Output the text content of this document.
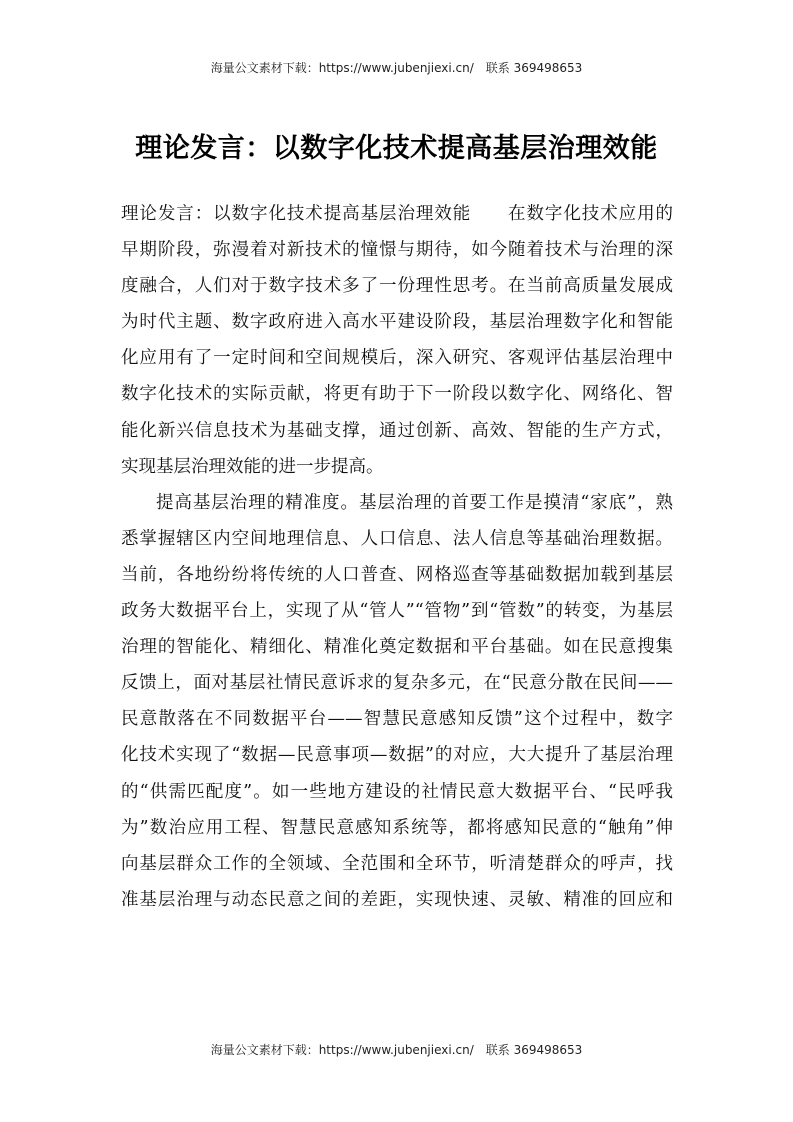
海量公文素材下载：https://www.jubenjiexi.cn/ 联系 369498653
理论发言：以数字化技术提高基层治理效能
理论发言：以数字化技术提高基层治理效能　　在数字化技术应用的
早期阶段，弥漫着对新技术的憧憬与期待，如今随着技术与治理的深
度融合，人们对于数字技术多了一份理性思考。在当前高质量发展成
为时代主题、数字政府进入高水平建设阶段，基层治理数字化和智能
化应用有了一定时间和空间规模后，深入研究、客观评估基层治理中
数字化技术的实际贡献，将更有助于下一阶段以数字化、网络化、智
能化新兴信息技术为基础支撑，通过创新、高效、智能的生产方式，
实现基层治理效能的进一步提高。
提高基层治理的精准度。基层治理的首要工作是摸清“家底”，熟
悉掌握辖区内空间地理信息、人口信息、法人信息等基础治理数据。
当前，各地纷纷将传统的人口普查、网格巡查等基础数据加载到基层
政务大数据平台上，实现了从“管人”“管物”到“管数”的转变，为基层
治理的智能化、精细化、精准化奠定数据和平台基础。如在民意搜集
反馈上，面对基层社情民意诉求的复杂多元，在“民意分散在民间——
民意散落在不同数据平台——智慧民意感知反馈”这个过程中，数字
化技术实现了“数据—民意事项—数据”的对应，大大提升了基层治理
的“供需匹配度”。如一些地方建设的社情民意大数据平台、“民呼我
为”数治应用工程、智慧民意感知系统等，都将感知民意的“触角”伸
向基层群众工作的全领域、全范围和全环节，听清楚群众的呼声，找
准基层治理与动态民意之间的差距，实现快速、灵敏、精准的回应和
海量公文素材下载：https://www.jubenjiexi.cn/ 联系 369498653
